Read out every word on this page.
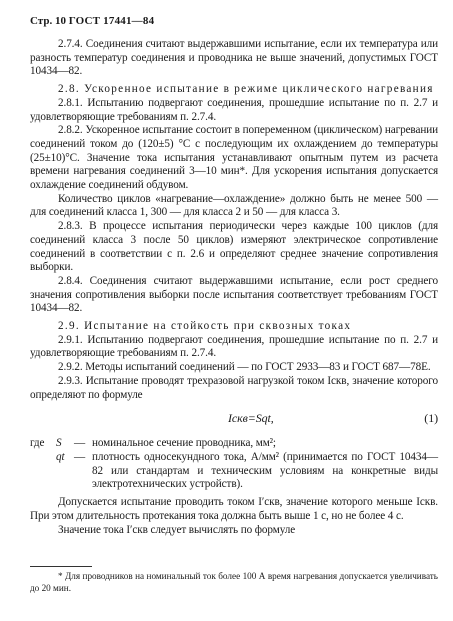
Стр. 10 ГОСТ 17441—84

2.7.4. Соединения считают выдержавшими испытание, если их температура или разность температур соединения и проводника не выше значений, допустимых ГОСТ 10434—82.

2.8. Ускоренное испытание в режиме циклического нагревания

2.8.1. Испытанию подвергают соединения, прошедшие испытание по п. 2.7 и удовлетворяющие требованиям п. 2.7.4.

2.8.2. Ускоренное испытание состоит в попеременном (циклическом) нагревании соединений током до (120±5) °С с последующим их охлаждением до температуры (25±10)°С. Значение тока испытания устанавливают опытным путем из расчета времени нагревания соединений 3—10 мин*. Для ускорения испытания допускается охлаждение соединений обдувом.

Количество циклов «нагревание—охлаждение» должно быть не менее 500 — для соединений класса 1, 300 — для класса 2 и 50 — для класса 3.

2.8.3. В процессе испытания периодически через каждые 100 циклов (для соединений класса 3 после 50 циклов) измеряют электрическое сопротивление соединений в соответствии с п. 2.6 и определяют среднее значение сопротивления выборки.

2.8.4. Соединения считают выдержавшими испытание, если рост среднего значения сопротивления выборки после испытания соответствует требованиям ГОСТ 10434—82.

2.9. Испытание на стойкость при сквозных токах

2.9.1. Испытанию подвергают соединения, прошедшие испытание по п. 2.7 и удовлетворяющие требованиям п. 2.7.4.

2.9.2. Методы испытаний соединений — по ГОСТ 2933—83 и ГОСТ 687—78Е.

2.9.3. Испытание проводят трехразовой нагрузкой током Iскв, значение которого определяют по формуле

Iскв=Sqt,	(1)
где	S	— номинальное сечение проводника, мм²;
qt — плотность односекундного тока, А/мм² (принимается по ГОСТ 10434—82 или стандартам и техническим условиям на конкретные виды электротехнических устройств).

Допускается испытание проводить током I′скв, значение которого меньше Iскв. При этом длительность протекания тока должна быть выше 1 с, но не более 4 с.

Значение тока I′скв следует вычислять по формуле

* Для проводников на номинальный ток более 100 А время нагревания допускается увеличивать до 20 мин.
